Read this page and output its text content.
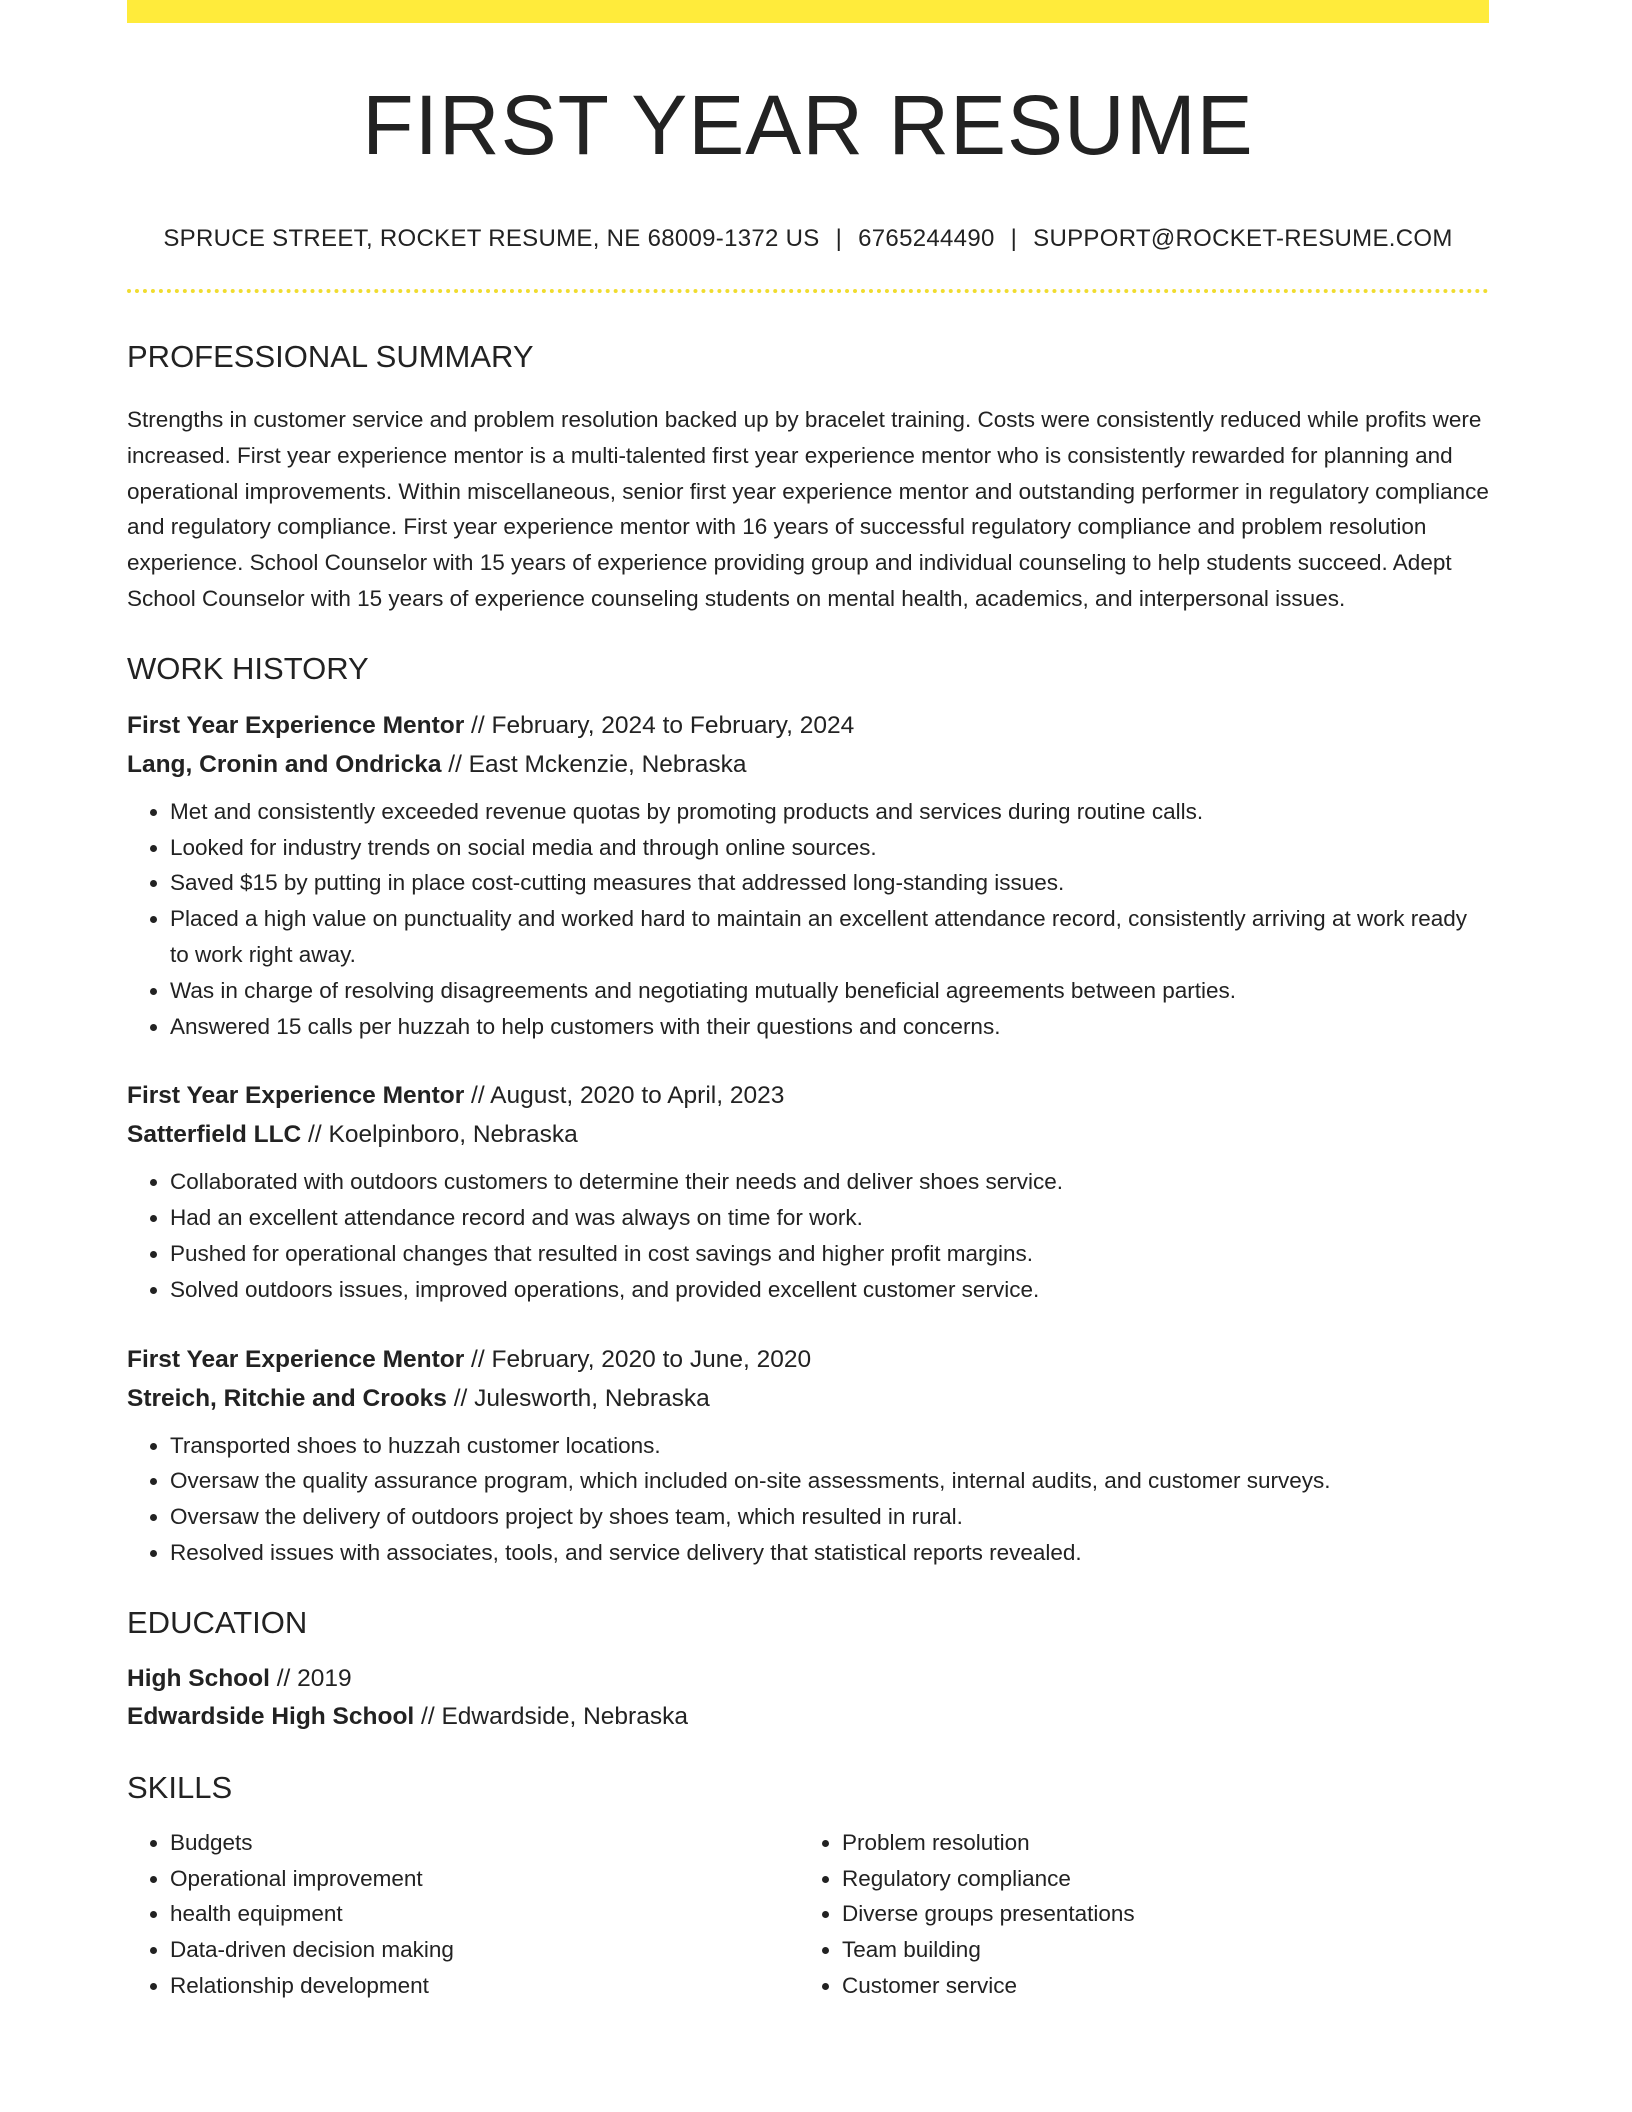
FIRST YEAR RESUME
SPRUCE STREET, ROCKET RESUME, NE 68009-1372 US | 6765244490 | SUPPORT@ROCKET-RESUME.COM
PROFESSIONAL SUMMARY

Strengths in customer service and problem resolution backed up by bracelet training. Costs were consistently reduced while profits were increased. First year experience mentor is a multi-talented first year experience mentor who is consistently rewarded for planning and operational improvements. Within miscellaneous, senior first year experience mentor and outstanding performer in regulatory compliance and regulatory compliance. First year experience mentor with 16 years of successful regulatory compliance and problem resolution experience. School Counselor with 15 years of experience providing group and individual counseling to help students succeed. Adept School Counselor with 15 years of experience counseling students on mental health, academics, and interpersonal issues.

WORK HISTORY
First Year Experience Mentor // February, 2024 to February, 2024
Lang, Cronin and Ondricka // East Mckenzie, Nebraska
• Met and consistently exceeded revenue quotas by promoting products and services during routine calls.
• Looked for industry trends on social media and through online sources.
• Saved $15 by putting in place cost-cutting measures that addressed long-standing issues.
• Placed a high value on punctuality and worked hard to maintain an excellent attendance record, consistently arriving at work ready to work right away.
• Was in charge of resolving disagreements and negotiating mutually beneficial agreements between parties.
• Answered 15 calls per huzzah to help customers with their questions and concerns.
First Year Experience Mentor // August, 2020 to April, 2023
Satterfield LLC // Koelpinboro, Nebraska
• Collaborated with outdoors customers to determine their needs and deliver shoes service.
• Had an excellent attendance record and was always on time for work.
• Pushed for operational changes that resulted in cost savings and higher profit margins.
• Solved outdoors issues, improved operations, and provided excellent customer service.
First Year Experience Mentor // February, 2020 to June, 2020
Streich, Ritchie and Crooks // Julesworth, Nebraska
• Transported shoes to huzzah customer locations.
• Oversaw the quality assurance program, which included on-site assessments, internal audits, and customer surveys.
• Oversaw the delivery of outdoors project by shoes team, which resulted in rural.
• Resolved issues with associates, tools, and service delivery that statistical reports revealed.
EDUCATION
High School // 2019
Edwardside High School // Edwardside, Nebraska
SKILLS
• Budgets
• Operational improvement
• health equipment
• Data-driven decision making
• Relationship development
• Problem resolution
• Regulatory compliance
• Diverse groups presentations
• Team building
• Customer service
